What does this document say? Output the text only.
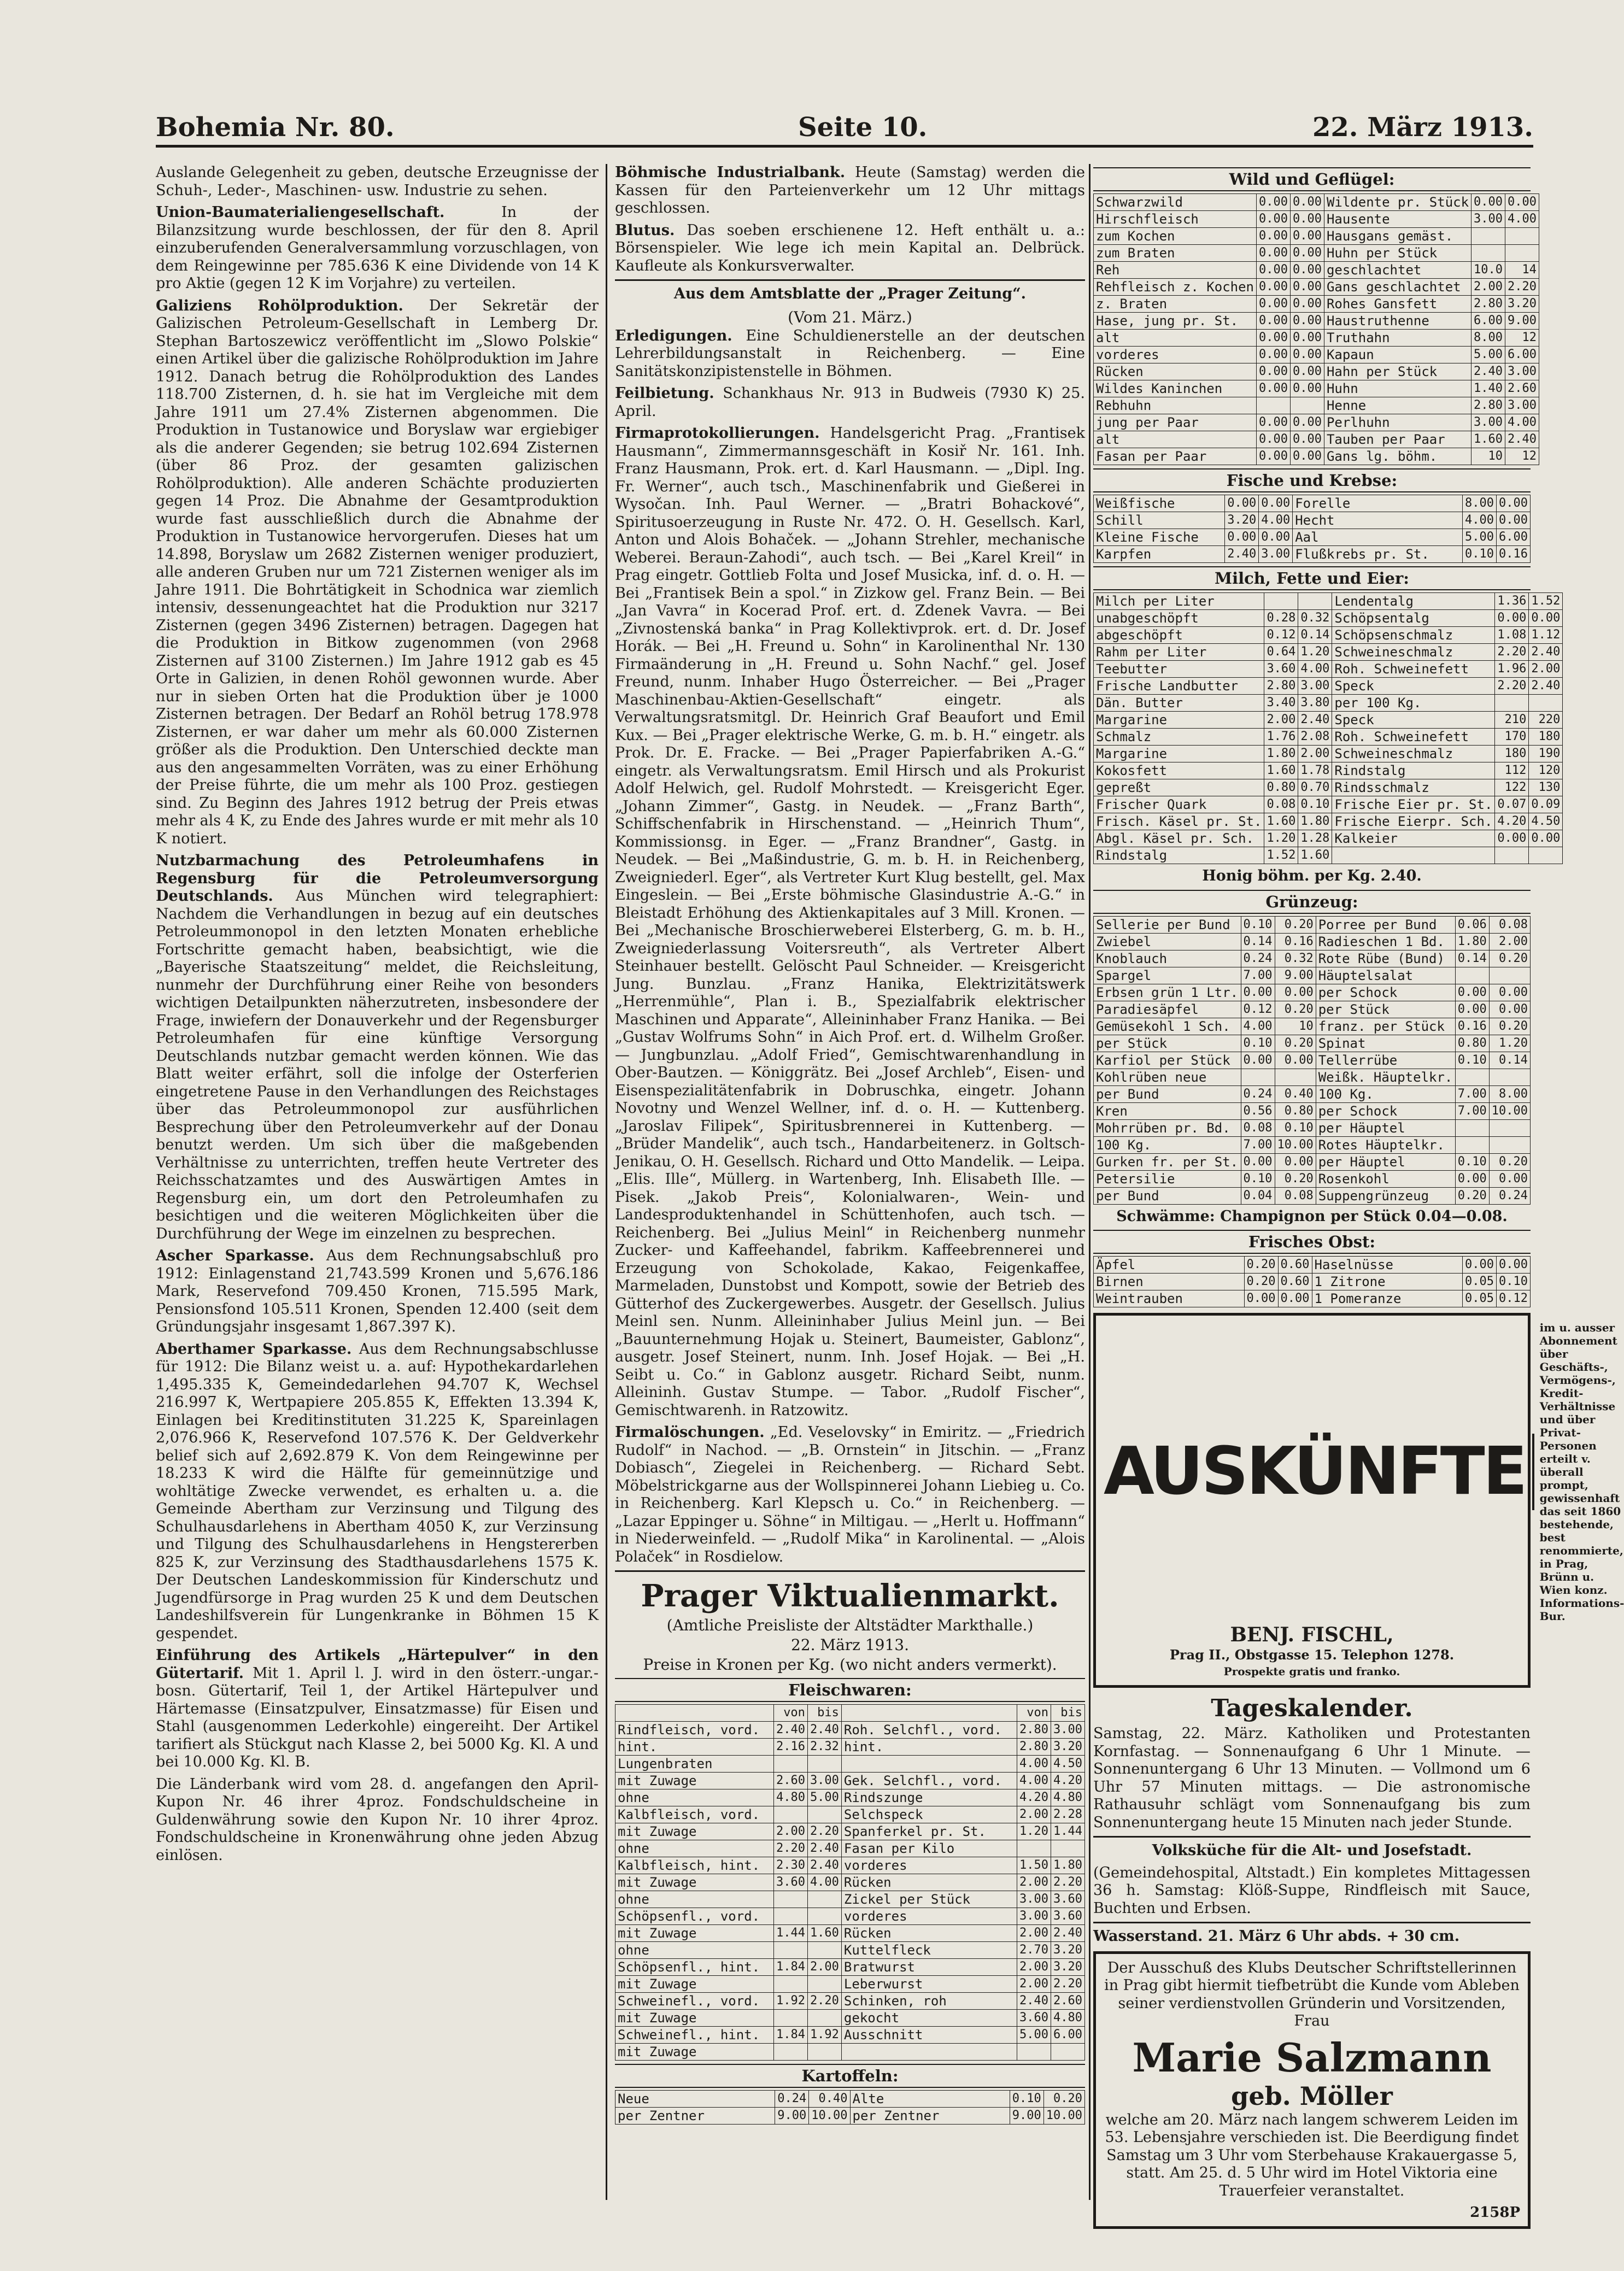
Bohemia Nr. 80.	Seite 10.	22. März 1913.

Auslande Gelegenheit zu geben, deutsche Erzeugnisse der Schuh-, Leder-, Maschinen- usw. Industrie zu sehen.

Union-Baumaterialiengesellschaft.	In der Bilanzsitzung wurde beschlossen, der für den 8. April einzuberufenden Generalversammlung vorzuschlagen, von dem Reingewinne per 785.636 K eine Dividende von 14 K pro Aktie (gegen 12 K im Vorjahre) zu verteilen.

Galiziens Rohölproduktion. Der Sekretär der Galizischen Petroleum-Gesellschaft in Lemberg Dr. Stephan Bartoszewicz veröffentlicht im „Slowo Polskie“ einen Artikel über die galizische Rohölproduktion im Jahre 1912. Danach betrug die Rohölproduktion des Landes 118.700 Zisternen, d. h. sie hat im Vergleiche mit dem Jahre 1911 um 27.4% Zisternen abgenommen. Die Produktion in Tustanowice und Boryslaw war ergiebiger als die anderer Gegenden; sie betrug 102.694 Zisternen (über 86 Proz. der gesamten galizischen Rohölproduktion). Alle anderen Schächte produzierten gegen 14 Proz. Die Abnahme der Gesamtproduktion wurde fast ausschließlich durch die Abnahme der Produktion in Tustanowice hervorgerufen. Dieses hat um 14.898, Boryslaw um 2682 Zisternen weniger produziert, alle anderen Gruben nur um 721 Zisternen weniger als im Jahre 1911. Die Bohrtätigkeit in Schodnica war ziemlich intensiv, dessenungeachtet hat die Produktion nur 3217 Zisternen (gegen 3496 Zisternen) betragen. Dagegen hat die Produktion in Bitkow zugenommen (von 2968 Zisternen auf 3100 Zisternen.) Im Jahre 1912 gab es 45 Orte in Galizien, in denen Rohöl gewonnen wurde. Aber nur in sieben Orten hat die Produktion über je 1000 Zisternen betragen. Der Bedarf an Rohöl betrug 178.978 Zisternen, er war daher um mehr als 60.000 Zisternen größer als die Produktion. Den Unterschied deckte man aus den angesammelten Vorräten, was zu einer Erhöhung der Preise führte, die um mehr als 100 Proz. gestiegen sind. Zu Beginn des Jahres 1912 betrug der Preis etwas mehr als 4 K, zu Ende des Jahres wurde er mit mehr als 10 K notiert.

Nutzbarmachung des Petroleumhafens in Regensburg für die Petroleumversorgung Deutschlands. Aus München wird telegraphiert: Nachdem die Verhandlungen in bezug auf ein deutsches Petroleummonopol in den letzten Monaten erhebliche Fortschritte gemacht haben, beabsichtigt, wie die „Bayerische Staatszeitung“ meldet, die Reichsleitung, nunmehr der Durchführung einer Reihe von besonders wichtigen Detailpunkten näherzutreten, insbesondere der Frage, inwiefern der Donauverkehr und der Regensburger Petroleumhafen für eine künftige Versorgung Deutschlands nutzbar gemacht werden können. Wie das Blatt weiter erfährt, soll die infolge der Osterferien eingetretene Pause in den Verhandlungen des Reichstages über das Petroleummonopol zur ausführlichen Besprechung über den Petroleumverkehr auf der Donau benutzt werden. Um sich über die maßgebenden Verhältnisse zu unterrichten, treffen heute Vertreter des Reichsschatzamtes und des Auswärtigen Amtes in Regensburg ein, um dort den Petroleumhafen zu besichtigen und die weiteren Möglichkeiten über die Durchführung der Wege im einzelnen zu besprechen.

Ascher Sparkasse. Aus dem Rechnungsabschluß pro 1912: Einlagenstand 21,743.599 Kronen und 5,676.186 Mark, Reservefond 709.450 Kronen, 715.595 Mark, Pensionsfond 105.511 Kronen, Spenden 12.400 (seit dem Gründungsjahr insgesamt 1,867.397 K).

Aberthamer Sparkasse. Aus dem Rechnungsabschlusse für 1912: Die Bilanz weist u. a. auf: Hypothekardarlehen 1,495.335 K, Gemeindedarlehen 94.707 K, Wechsel 216.997 K, Wertpapiere 205.855 K, Effekten 13.394 K, Einlagen bei Kreditinstituten 31.225 K, Spareinlagen 2,076.966 K, Reservefond 107.576 K. Der Geldverkehr belief sich auf 2,692.879 K. Von dem Reingewinne per 18.233 K wird die Hälfte für gemeinnützige und wohltätige Zwecke verwendet, es erhalten u. a. die Gemeinde Abertham zur Verzinsung und Tilgung des Schulhausdarlehens in Abertham 4050 K, zur Verzinsung und Tilgung des Schulhausdarlehens in Hengstererben 825 K, zur Verzinsung des Stadthausdarlehens 1575 K. Der Deutschen Landeskommission für Kinderschutz und Jugendfürsorge in Prag wurden 25 K und dem Deutschen Landeshilfsverein für Lungenkranke in Böhmen 15 K gespendet.

Einführung des Artikels „Härtepulver“ in den Gütertarif. Mit 1. April l. J. wird in den österr.-ungar.-bosn. Gütertarif, Teil 1, der Artikel Härtepulver und Härtemasse (Einsatzpulver, Einsatzmasse) für Eisen und Stahl (ausgenommen Lederkohle) eingereiht. Der Artikel tarifiert als Stückgut nach Klasse 2, bei 5000 Kg. Kl. A und bei 10.000 Kg. Kl. B.

Die Länderbank wird vom 28. d. angefangen den April-Kupon Nr. 46 ihrer 4proz. Fondschuldscheine in Guldenwährung sowie den Kupon Nr. 10 ihrer 4proz. Fondschuldscheine in Kronenwährung ohne jeden Abzug einlösen.

Böhmische Industrialbank. Heute (Samstag) werden die Kassen für den Parteienverkehr um 12 Uhr mittags geschlossen.

Blutus. Das soeben erschienene 12. Heft enthält u. a.: Börsenspieler. Wie lege ich mein Kapital an. Delbrück. Kaufleute als Konkursverwalter.

Aus dem Amtsblatte der „Prager Zeitung“.

(Vom 21. März.)

Erledigungen. Eine Schuldienerstelle an der deutschen Lehrerbildungsanstalt in Reichenberg. — Eine Sanitätskonzipistenstelle in Böhmen.

Feilbietung. Schankhaus Nr. 913 in Budweis (7930 K) 25. April.

Firmaprotokollierungen. Handelsgericht Prag. „Frantisek Hausmann“, Zimmermannsgeschäft in Kosiř Nr. 161. Inh. Franz Hausmann, Prok. ert. d. Karl Hausmann. — „Dipl. Ing. Fr. Werner“, auch tsch., Maschinenfabrik und Gießerei in Wysočan. Inh. Paul Werner. — „Bratri Bohackové“, Spiritusoerzeugung in Ruste Nr. 472. O. H. Gesellsch. Karl, Anton und Alois Bohaček. — „Johann Strehler, mechanische Weberei. Beraun-Zahodi“, auch tsch. — Bei „Karel Kreil“ in Prag eingetr. Gottlieb Folta und Josef Musicka, inf. d. o. H. — Bei „Frantisek Bein a spol.“ in Zizkow gel. Franz Bein. — Bei „Jan Vavra“ in Kocerad Prof. ert. d. Zdenek Vavra. — Bei „Zivnostenská banka“ in Prag Kollektivprok. ert. d. Dr. Josef Horák. — Bei „H. Freund u. Sohn“ in Karolinenthal Nr. 130 Firmaänderung in „H. Freund u. Sohn Nachf.“ gel. Josef Freund, nunm. Inhaber Hugo Österreicher. — Bei „Prager Maschinenbau-Aktien-Gesellschaft“ eingetr. als Verwaltungsratsmitgl. Dr. Heinrich Graf Beaufort und Emil Kux. — Bei „Prager elektrische Werke, G. m. b. H.“ eingetr. als Prok. Dr. E. Fracke. — Bei „Prager Papierfabriken A.-G.“ eingetr. als Verwaltungsratsm. Emil Hirsch und als Prokurist Adolf Helwich, gel. Rudolf Mohrstedt. — Kreisgericht Eger. „Johann Zimmer“, Gastg. in Neudek. — „Franz Barth“, Schiffschenfabrik in Hirschenstand. — „Heinrich Thum“, Kommissionsg. in Eger. — „Franz Brandner“, Gastg. in Neudek. — Bei „Maßindustrie, G. m. b. H. in Reichenberg, Zweigniederl. Eger“, als Vertreter Kurt Klug bestellt, gel. Max Eingeslein. — Bei „Erste böhmische Glasindustrie A.-G.“ in Bleistadt Erhöhung des Aktienkapitales auf 3 Mill. Kronen. — Bei „Mechanische Broschierweberei Elsterberg, G. m. b. H., Zweigniederlassung Voitersreuth“, als Vertreter Albert Steinhauer bestellt. Gelöscht Paul Schneider. — Kreisgericht Jung. Bunzlau. „Franz Hanika, Elektrizitätswerk „Herrenmühle“, Plan i. B., Spezialfabrik elektrischer Maschinen und Apparate“, Alleininhaber Franz Hanika. — Bei „Gustav Wolfrums Sohn“ in Aich Prof. ert. d. Wilhelm Großer. — Jungbunzlau. „Adolf Fried“, Gemischtwarenhandlung in Ober-Bautzen. — Königgrätz. Bei „Josef Archleb“, Eisen- und Eisenspezialitätenfabrik in Dobruschka, eingetr. Johann Novotny und Wenzel Wellner, inf. d. o. H. — Kuttenberg. „Jaroslav Filipek“, Spiritusbrennerei in Kuttenberg. — „Brüder Mandelik“, auch tsch., Handarbeitenerz. in Goltsch-Jenikau, O. H. Gesellsch. Richard und Otto Mandelik. — Leipa. „Elis. Ille“, Müllerg. in Wartenberg, Inh. Elisabeth Ille. — Pisek. „Jakob Preis“, Kolonialwaren-, Wein- und Landesproduktenhandel in Schüttenhofen, auch tsch. — Reichenberg. Bei „Julius Meinl“ in Reichenberg nunmehr Zucker- und Kaffeehandel, fabrikm. Kaffeebrennerei und Erzeugung von Schokolade, Kakao, Feigenkaffee, Marmeladen, Dunstobst und Kompott, sowie der Betrieb des Gütterhof des Zuckergewerbes. Ausgetr. der Gesellsch. Julius Meinl sen. Nunm. Alleininhaber Julius Meinl jun. — Bei „Bauunternehmung Hojak u. Steinert, Baumeister, Gablonz“, ausgetr. Josef Steinert, nunm. Inh. Josef Hojak. — Bei „H. Seibt u. Co.“ in Gablonz ausgetr. Richard Seibt, nunm. Alleininh. Gustav Stumpe. — Tabor. „Rudolf Fischer“, Gemischtwarenh. in Ratzowitz.

Firmalöschungen. „Ed. Veselovsky“ in Emiritz. — „Friedrich Rudolf“ in Nachod. — „B. Ornstein“ in Jitschin. — „Franz Dobiasch“, Ziegelei in Reichenberg. — Richard Sebt. Möbelstrickgarne aus der Wollspinnerei Johann Liebieg u. Co. in Reichenberg. Karl Klepsch u. Co.“ in Reichenberg. — „Lazar Eppinger u. Söhne“ in Miltigau. — „Herlt u. Hoffmann“ in Niederweinfeld. — „Rudolf Mika“ in Karolinental. — „Alois Polaček“ in Rosdielow.

Prager Viktualienmarkt.

(Amtliche Preisliste der Altstädter Markthalle.)

22. März 1913.

Preise in Kronen per Kg. (wo nicht anders vermerkt).

Fleischwaren:
	von	bis		von	bis
Rindfleisch, vord.	2.40	2.40	Roh. Selchfl., vord.	2.80	3.00
hint.	2.16	2.32	hint.	2.80	3.20
Lungenbraten				4.00	4.50
mit Zuwage	2.60	3.00	Gek. Selchfl., vord.	4.00	4.20
ohne	4.80	5.00	Rindszunge	4.20	4.80
Kalbfleisch, vord.			Selchspeck	2.00	2.28
mit Zuwage	2.00	2.20	Spanferkel pr. St.	1.20	1.44
ohne	2.20	2.40	Fasan per Kilo		
Kalbfleisch, hint.	2.30	2.40	vorderes	1.50	1.80
mit Zuwage	3.60	4.00	Rücken	2.00	2.20
ohne			Zickel per Stück	3.00	3.60
Schöpsenfl., vord.			vorderes	3.00	3.60
mit Zuwage	1.44	1.60	Rücken	2.00	2.40
ohne			Kuttelfleck	2.70	3.20
Schöpsenfl., hint.	1.84	2.00	Bratwurst	2.00	3.20
mit Zuwage			Leberwurst	2.00	2.20
Schweinefl., vord.	1.92	2.20	Schinken, roh	2.40	2.60
mit Zuwage			gekocht	3.60	4.80
Schweinefl., hint.	1.84	1.92	Ausschnitt	5.00	6.00
mit Zuwage					
Kartoffeln:
Neue	0.24	0.40	Alte	0.10	0.20
per Zentner	9.00	10.00	per Zentner	9.00	10.00
Wild und Geflügel:
Schwarzwild	0.00	0.00	Wildente pr. Stück	0.00	0.00
Hirschfleisch	0.00	0.00	Hausente	3.00	4.00
zum Kochen	0.00	0.00	Hausgans gemäst.		
zum Braten	0.00	0.00	Huhn per Stück		
Reh	0.00	0.00	geschlachtet	10.0	14
Rehfleisch z. Kochen	0.00	0.00	Gans geschlachtet	2.00	2.20
z. Braten	0.00	0.00	Rohes Gansfett	2.80	3.20
Hase, jung pr. St.	0.00	0.00	Haustruthenne	6.00	9.00
alt	0.00	0.00	Truthahn	8.00	12
vorderes	0.00	0.00	Kapaun	5.00	6.00
Rücken	0.00	0.00	Hahn per Stück	2.40	3.00
Wildes Kaninchen	0.00	0.00	Huhn	1.40	2.60
Rebhuhn			Henne	2.80	3.00
jung per Paar	0.00	0.00	Perlhuhn	3.00	4.00
alt	0.00	0.00	Tauben per Paar	1.60	2.40
Fasan per Paar	0.00	0.00	Gans lg. böhm.	10	12
Fische und Krebse:
Weißfische	0.00	0.00	Forelle	8.00	0.00
Schill	3.20	4.00	Hecht	4.00	0.00
Kleine Fische	0.00	0.00	Aal	5.00	6.00
Karpfen	2.40	3.00	Flußkrebs pr. St.	0.10	0.16
Milch, Fette und Eier:
Milch per Liter			Lendentalg	1.36	1.52
unabgeschöpft	0.28	0.32	Schöpsentalg	0.00	0.00
abgeschöpft	0.12	0.14	Schöpsenschmalz	1.08	1.12
Rahm per Liter	0.64	1.20	Schweineschmalz	2.20	2.40
Teebutter	3.60	4.00	Roh. Schweinefett	1.96	2.00
Frische Landbutter	2.80	3.00	Speck	2.20	2.40
Dän. Butter	3.40	3.80	per 100 Kg.		
Margarine	2.00	2.40	Speck	210	220
Schmalz	1.76	2.08	Roh. Schweinefett	170	180
Margarine	1.80	2.00	Schweineschmalz	180	190
Kokosfett	1.60	1.78	Rindstalg	112	120
gepreßt	0.80	0.70	Rindsschmalz	122	130
Frischer Quark	0.08	0.10	Frische Eier pr. St.	0.07	0.09
Frisch. Käsel pr. St.	1.60	1.80	Frische Eierpr. Sch.	4.20	4.50
Abgl. Käsel pr. Sch.	1.20	1.28	Kalkeier	0.00	0.00
Rindstalg	1.52	1.60			

Honig böhm. per Kg. 2.40.

Grünzeug:
Sellerie per Bund	0.10	0.20	Porree per Bund	0.06	0.08
Zwiebel	0.14	0.16	Radieschen 1 Bd.	1.80	2.00
Knoblauch	0.24	0.32	Rote Rübe (Bund)	0.14	0.20
Spargel	7.00	9.00	Häuptelsalat		
Erbsen grün 1 Ltr.	0.00	0.00	per Schock	0.00	0.00
Paradiesäpfel	0.12	0.20	per Stück	0.00	0.00
Gemüsekohl 1 Sch.	4.00	10	franz. per Stück	0.16	0.20
per Stück	0.10	0.20	Spinat	0.80	1.20
Karfiol per Stück	0.00	0.00	Tellerrübe	0.10	0.14
Kohlrüben neue			Weißk. Häuptelkr.		
per Bund	0.24	0.40	100 Kg.	7.00	8.00
Kren	0.56	0.80	per Schock	7.00	10.00
Mohrrüben pr. Bd.	0.08	0.10	per Häuptel		
100 Kg.	7.00	10.00	Rotes Häuptelkr.		
Gurken fr. per St.	0.00	0.00	per Häuptel	0.10	0.20
Petersilie	0.10	0.20	Rosenkohl	0.00	0.00
per Bund	0.04	0.08	Suppengrünzeug	0.20	0.24

Schwämme: Champignon per Stück 0.04—0.08.

Frisches Obst:
Äpfel	0.20	0.60	Haselnüsse	0.00	0.00
Birnen	0.20	0.60	1 Zitrone	0.05	0.10
Weintrauben	0.00	0.00	1 Pomeranze	0.05	0.12
AUSKÜNFTE
im u. ausser Abonnement über Geschäfts-, Vermögens-, Kredit-Verhältnisse und über Privat-Personen erteilt v. überall prompt, gewissenhaft das seit 1860 bestehende, best renommierte, in Prag, Brünn u. Wien konz. Informations-Bur.
BENJ. FISCHL,
Prag II., Obstgasse 15. Telephon 1278.
Prospekte gratis und franko.
Tageskalender.

Samstag, 22. März. Katholiken und Protestanten Kornfastag. — Sonnenaufgang 6 Uhr 1 Minute. — Sonnenuntergang 6 Uhr 13 Minuten. — Vollmond um 6 Uhr 57 Minuten mittags. — Die astronomische Rathausuhr schlägt vom Sonnenaufgang bis zum Sonnenuntergang heute 15 Minuten nach jeder Stunde.

Volksküche für die Alt- und Josefstadt.

(Gemeindehospital, Altstadt.) Ein kompletes Mittagessen 36 h. Samstag: Klöß-Suppe, Rindfleisch mit Sauce, Buchten und Erbsen.

Wasserstand. 21. März 6 Uhr abds. + 30 cm.

Der Ausschuß des Klubs Deutscher Schriftstellerinnen in Prag gibt hiermit tiefbetrübt die Kunde vom Ableben seiner verdienstvollen Gründerin und Vorsitzenden, Frau

Marie Salzmann
geb. Möller

welche am 20. März nach langem schwerem Leiden im 53. Lebensjahre verschieden ist. Die Beerdigung findet Samstag um 3 Uhr vom Sterbehause Krakauergasse 5, statt. Am 25. d. 5 Uhr wird im Hotel Viktoria eine Trauerfeier veranstaltet.

2158P
